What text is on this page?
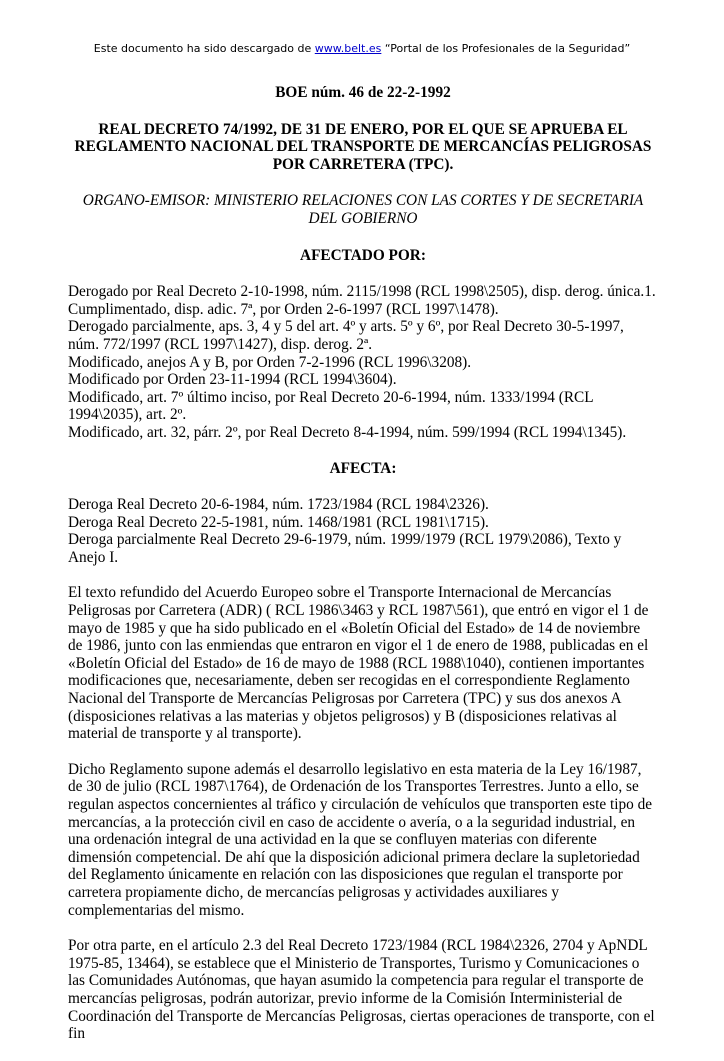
Este documento ha sido descargado de www.belt.es “Portal de los Profesionales de la Seguridad”
BOE núm. 46 de 22-2-1992
REAL DECRETO 74/1992, DE 31 DE ENERO, POR EL QUE SE APRUEBA EL REGLAMENTO NACIONAL DEL TRANSPORTE DE MERCANCÍAS PELIGROSAS POR CARRETERA (TPC).
ORGANO-EMISOR: MINISTERIO RELACIONES CON LAS CORTES Y DE SECRETARIA DEL GOBIERNO
AFECTADO POR:
Derogado por Real Decreto 2-10-1998, núm. 2115/1998 (RCL 1998\2505), disp. derog. única.1.
Cumplimentado, disp. adic. 7ª, por Orden 2-6-1997 (RCL 1997\1478).
Derogado parcialmente, aps. 3, 4 y 5 del art. 4º y arts. 5º y 6º, por Real Decreto 30-5-1997, núm. 772/1997 (RCL 1997\1427), disp. derog. 2ª.
Modificado, anejos A y B, por Orden 7-2-1996 (RCL 1996\3208).
Modificado por Orden 23-11-1994 (RCL 1994\3604).
Modificado, art. 7º último inciso, por Real Decreto 20-6-1994, núm. 1333/1994 (RCL 1994\2035), art. 2º.
Modificado, art. 32, párr. 2º, por Real Decreto 8-4-1994, núm. 599/1994 (RCL 1994\1345).
AFECTA:
Deroga Real Decreto 20-6-1984, núm. 1723/1984 (RCL 1984\2326).
Deroga Real Decreto 22-5-1981, núm. 1468/1981 (RCL 1981\1715).
Deroga parcialmente Real Decreto 29-6-1979, núm. 1999/1979 (RCL 1979\2086), Texto y Anejo I.

El texto refundido del Acuerdo Europeo sobre el Transporte Internacional de Mercancías Peligrosas por Carretera (ADR) ( RCL 1986\3463 y RCL 1987\561), que entró en vigor el 1 de mayo de 1985 y que ha sido publicado en el «Boletín Oficial del Estado» de 14 de noviembre de 1986, junto con las enmiendas que entraron en vigor el 1 de enero de 1988, publicadas en el «Boletín Oficial del Estado» de 16 de mayo de 1988 (RCL 1988\1040), contienen importantes modificaciones que, necesariamente, deben ser recogidas en el correspondiente Reglamento Nacional del Transporte de Mercancías Peligrosas por Carretera (TPC) y sus dos anexos A (disposiciones relativas a las materias y objetos peligrosos) y B (disposiciones relativas al material de transporte y al transporte).

Dicho Reglamento supone además el desarrollo legislativo en esta materia de la Ley 16/1987, de 30 de julio (RCL 1987\1764), de Ordenación de los Transportes Terrestres. Junto a ello, se regulan aspectos concernientes al tráfico y circulación de vehículos que transporten este tipo de mercancías, a la protección civil en caso de accidente o avería, o a la seguridad industrial, en una ordenación integral de una actividad en la que se confluyen materias con diferente dimensión competencial. De ahí que la disposición adicional primera declare la supletoriedad del Reglamento únicamente en relación con las disposiciones que regulan el transporte por carretera propiamente dicho, de mercancías peligrosas y actividades auxiliares y complementarias del mismo.

Por otra parte, en el artículo 2.3 del Real Decreto 1723/1984 (RCL 1984\2326, 2704 y ApNDL 1975-85, 13464), se establece que el Ministerio de Transportes, Turismo y Comunicaciones o las Comunidades Autónomas, que hayan asumido la competencia para regular el transporte de mercancías peligrosas, podrán autorizar, previo informe de la Comisión Interministerial de Coordinación del Transporte de Mercancías Peligrosas, ciertas operaciones de transporte, con el fin
